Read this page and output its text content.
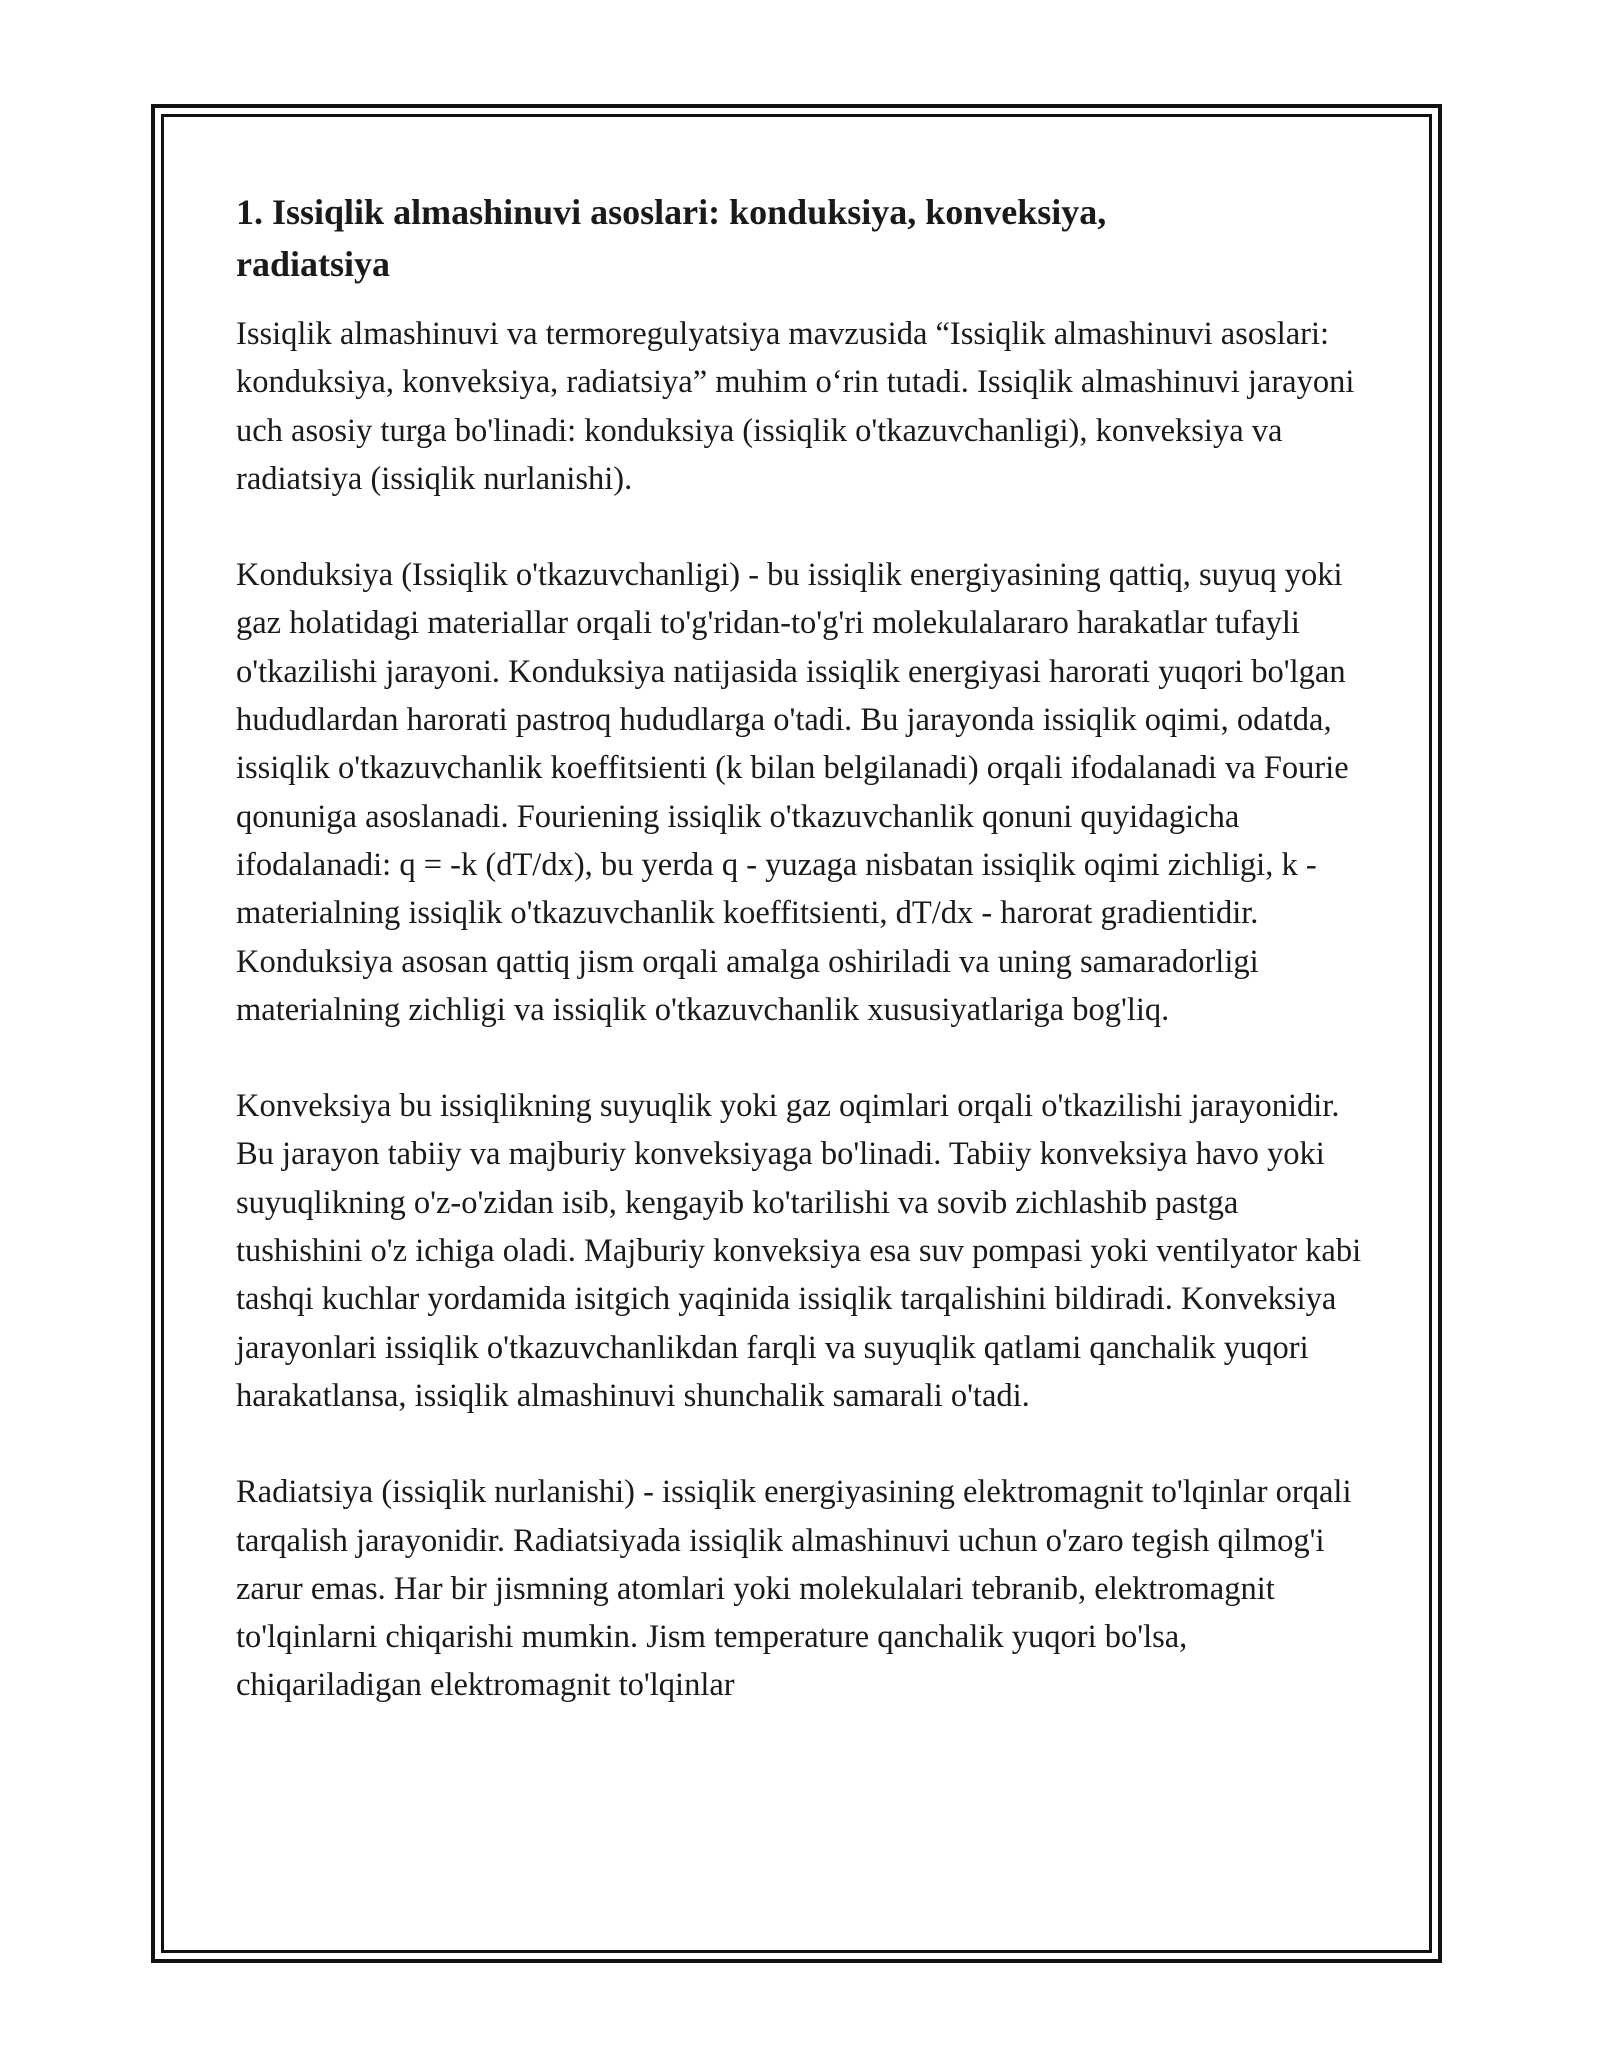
1. Issiqlik almashinuvi asoslari: konduksiya, konveksiya, radiatsiya

Issiqlik almashinuvi va termoregulyatsiya mavzusida “Issiqlik almashinuvi asoslari: konduksiya, konveksiya, radiatsiya” muhim o‘rin tutadi. Issiqlik almashinuvi jarayoni uch asosiy turga bo'linadi: konduksiya (issiqlik o'tkazuvchanligi), konveksiya va radiatsiya (issiqlik nurlanishi).

Konduksiya (Issiqlik o'tkazuvchanligi) - bu issiqlik energiyasining qattiq, suyuq yoki gaz holatidagi materiallar orqali to'g'ridan-to'g'ri molekulalararo harakatlar tufayli o'tkazilishi jarayoni. Konduksiya natijasida issiqlik energiyasi harorati yuqori bo'lgan hududlardan harorati pastroq hududlarga o'tadi. Bu jarayonda issiqlik oqimi, odatda, issiqlik o'tkazuvchanlik koeffitsienti (k bilan belgilanadi) orqali ifodalanadi va Fourie qonuniga asoslanadi. Fouriening issiqlik o'tkazuvchanlik qonuni quyidagicha ifodalanadi: q = -k (dT/dx), bu yerda q - yuzaga nisbatan issiqlik oqimi zichligi, k - materialning issiqlik o'tkazuvchanlik koeffitsienti, dT/dx - harorat gradientidir. Konduksiya asosan qattiq jism orqali amalga oshiriladi va uning samaradorligi materialning zichligi va issiqlik o'tkazuvchanlik xususiyatlariga bog'liq.

Konveksiya bu issiqlikning suyuqlik yoki gaz oqimlari orqali o'tkazilishi jarayonidir. Bu jarayon tabiiy va majburiy konveksiyaga bo'linadi. Tabiiy konveksiya havo yoki suyuqlikning o'z-o'zidan isib, kengayib ko'tarilishi va sovib zichlashib pastga tushishini o'z ichiga oladi. Majburiy konveksiya esa suv pompasi yoki ventilyator kabi tashqi kuchlar yordamida isitgich yaqinida issiqlik tarqalishini bildiradi. Konveksiya jarayonlari issiqlik o'tkazuvchanlikdan farqli va suyuqlik qatlami qanchalik yuqori harakatlansa, issiqlik almashinuvi shunchalik samarali o'tadi.

Radiatsiya (issiqlik nurlanishi) - issiqlik energiyasining elektromagnit to'lqinlar orqali tarqalish jarayonidir. Radiatsiyada issiqlik almashinuvi uchun o'zaro tegish qilmog'i zarur emas. Har bir jismning atomlari yoki molekulalari tebranib, elektromagnit to'lqinlarni chiqarishi mumkin. Jism temperature qanchalik yuqori bo'lsa, chiqariladigan elektromagnit to'lqinlar
